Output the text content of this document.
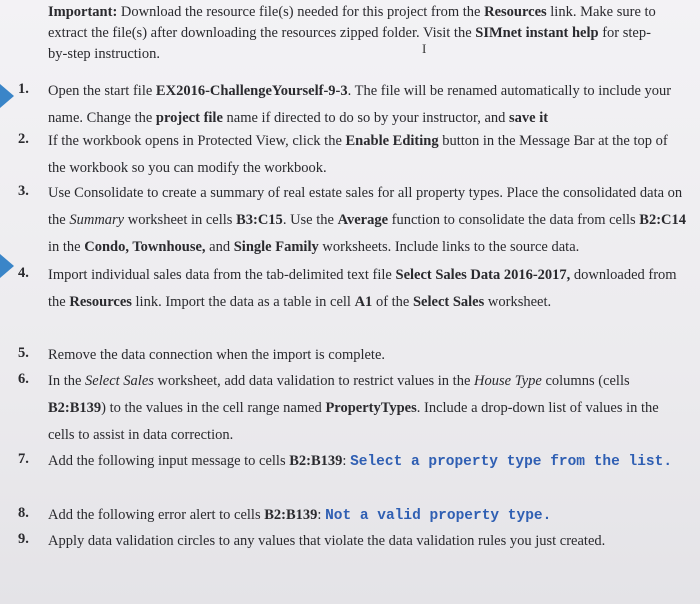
Important: Download the resource file(s) needed for this project from the Resources link. Make sure to extract the file(s) after downloading the resources zipped folder. Visit the SIMnet instant help for step-by-step instruction.	I
1. Open the start file EX2016-ChallengeYourself-9-3. The file will be renamed automatically to include your name. Change the project file name if directed to do so by your instructor, and save it
2. If the workbook opens in Protected View, click the Enable Editing button in the Message Bar at the top of the workbook so you can modify the workbook.
3. Use Consolidate to create a summary of real estate sales for all property types. Place the consolidated data on the Summary worksheet in cells B3:C15. Use the Average function to consolidate the data from cells B2:C14 in the Condo, Townhouse, and Single Family worksheets. Include links to the source data.
4. Import individual sales data from the tab-delimited text file Select Sales Data 2016-2017, downloaded from the Resources link. Import the data as a table in cell A1 of the Select Sales worksheet.
5. Remove the data connection when the import is complete.
6. In the Select Sales worksheet, add data validation to restrict values in the House Type columns (cells B2:B139) to the values in the cell range named PropertyTypes. Include a drop-down list of values in the cells to assist in data correction.
7. Add the following input message to cells B2:B139: Select a property type from the list.
8. Add the following error alert to cells B2:B139: Not a valid property type.
9. Apply data validation circles to any values that violate the data validation rules you just created.
